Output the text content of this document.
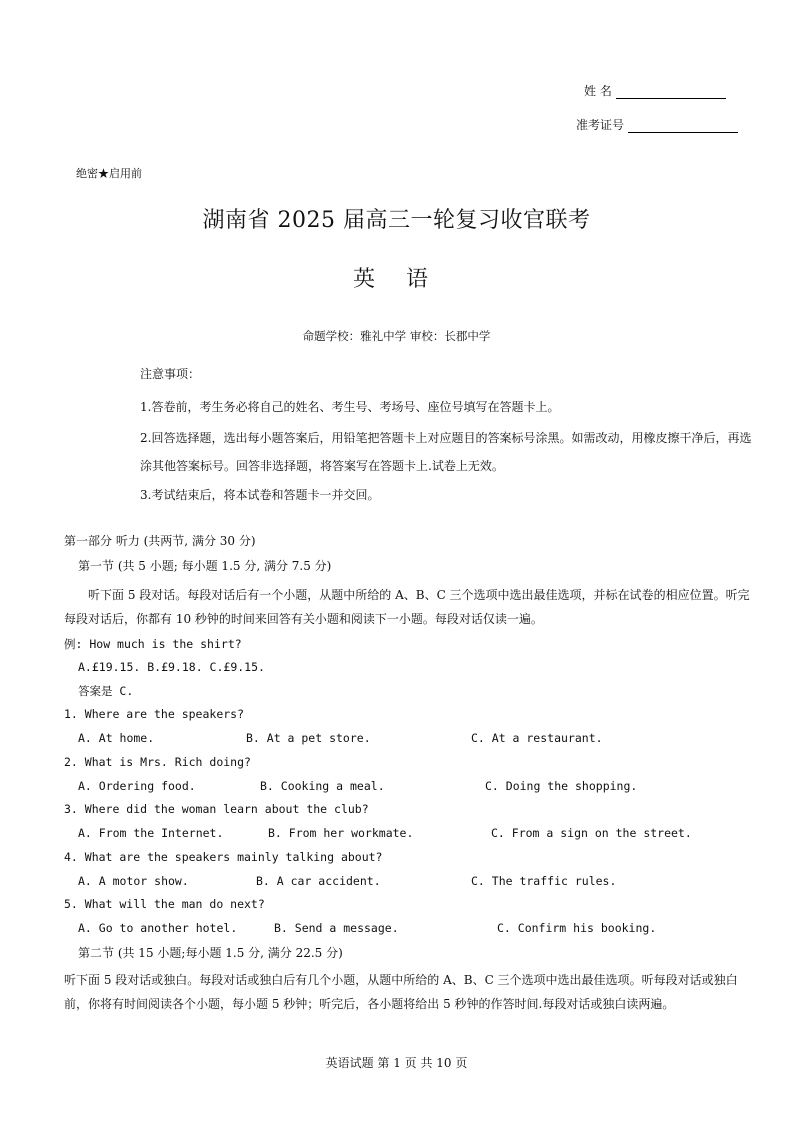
姓 名
准考证号
绝密★启用前
湖南省 2025 届高三一轮复习收官联考
英 语
命题学校：雅礼中学 审校：长郡中学
注意事项：
1.答卷前，考生务必将自己的姓名、考生号、考场号、座位号填写在答题卡上。
2.回答选择题，选出每小题答案后，用铅笔把答题卡上对应题目的答案标号涂黑。如需改动，用橡皮擦干净后，再选涂其他答案标号。回答非选择题，将答案写在答题卡上.试卷上无效。
3.考试结束后，将本试卷和答题卡一并交回。
第一部分 听力 (共两节, 满分 30 分)
第一节 (共 5 小题; 每小题 1.5 分, 满分 7.5 分)
听下面 5 段对话。每段对话后有一个小题，从题中所给的 A、B、C 三个选项中选出最佳选项，并标在试卷的相应位置。听完每段对话后，你都有 10 秒钟的时间来回答有关小题和阅读下一小题。每段对话仅读一遍。
例: How much is the shirt?
A.£19.15. B.£9.18. C.£9.15.
答案是 C.
1. Where are the speakers?
A. At home.	B. At a pet store.	C. At a restaurant.
2. What is Mrs. Rich doing?
A. Ordering food.	B. Cooking a meal.	C. Doing the shopping.
3. Where did the woman learn about the club?
A. From the Internet.	B. From her workmate.	C. From a sign on the street.
4. What are the speakers mainly talking about?
A. A motor show.	B. A car accident.	C. The traffic rules.
5. What will the man do next?
A. Go to another hotel.	B. Send a message.	C. Confirm his booking.
第二节 (共 15 小题;每小题 1.5 分, 满分 22.5 分)
听下面 5 段对话或独白。每段对话或独白后有几个小题，从题中所给的 A、B、C 三个选项中选出最佳选项。听每段对话或独白前，你将有时间阅读各个小题，每小题 5 秒钟；听完后，各小题将给出 5 秒钟的作答时间.每段对话或独白读两遍。
英语试题 第 1 页 共 10 页
